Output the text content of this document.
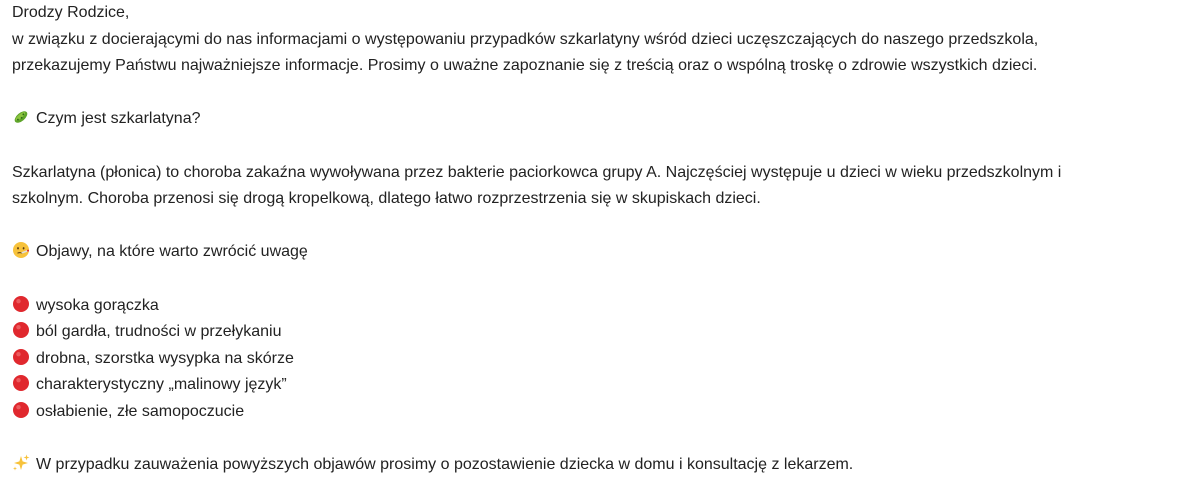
Drodzy Rodzice,
w związku z docierającymi do nas informacjami o występowaniu przypadków szkarlatyny wśród dzieci uczęszczających do naszego przedszkola,
przekazujemy Państwu najważniejsze informacje. Prosimy o uważne zapoznanie się z treścią oraz o wspólną troskę o zdrowie wszystkich dzieci.
Czym jest szkarlatyna?
Szkarlatyna (płonica) to choroba zakaźna wywoływana przez bakterie paciorkowca grupy A. Najczęściej występuje u dzieci w wieku przedszkolnym i
szkolnym. Choroba przenosi się drogą kropelkową, dlatego łatwo rozprzestrzenia się w skupiskach dzieci.
Objawy, na które warto zwrócić uwagę
wysoka gorączka
ból gardła, trudności w przełykaniu
drobna, szorstka wysypka na skórze
charakterystyczny „malinowy język”
osłabienie, złe samopoczucie
W przypadku zauważenia powyższych objawów prosimy o pozostawienie dziecka w domu i konsultację z lekarzem.
